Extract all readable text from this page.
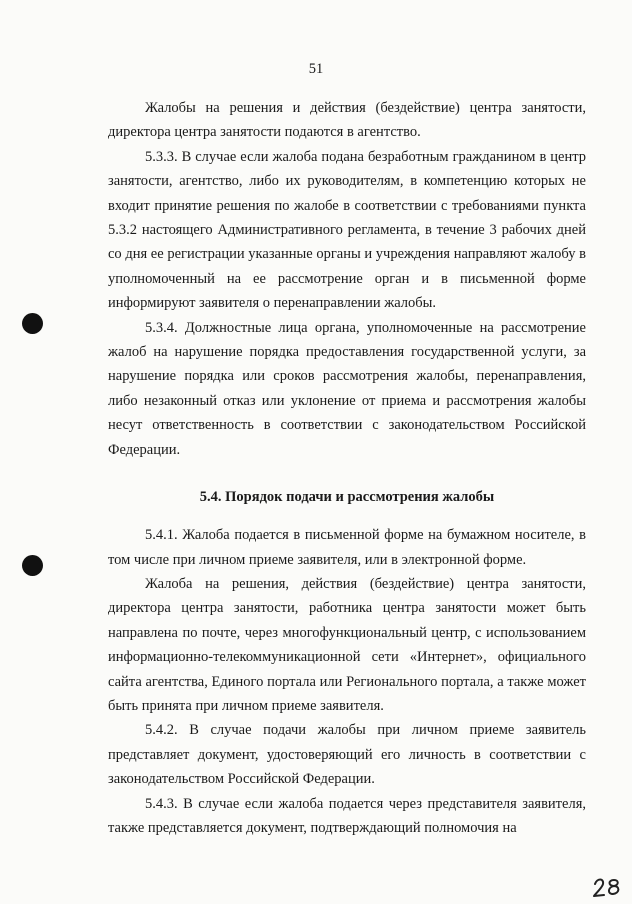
51

Жалобы на решения и действия (бездействие) центра занятости, директора центра занятости подаются в агентство.

5.3.3. В случае если жалоба подана безработным гражданином в центр занятости, агентство, либо их руководителям, в компетенцию которых не входит принятие решения по жалобе в соответствии с требованиями пункта 5.3.2 настоящего Административного регламента, в течение 3 рабочих дней со дня ее регистрации указанные органы и учреждения направляют жалобу в уполномоченный на ее рассмотрение орган и в письменной форме информируют заявителя о перенаправлении жалобы.

5.3.4. Должностные лица органа, уполномоченные на рассмотрение жалоб на нарушение порядка предоставления государственной услуги, за нарушение порядка или сроков рассмотрения жалобы, перенаправления, либо незаконный отказ или уклонение от приема и рассмотрения жалобы несут ответственность в соответствии с законодательством Российской Федерации.

5.4. Порядок подачи и рассмотрения жалобы

5.4.1. Жалоба подается в письменной форме на бумажном носителе, в том числе при личном приеме заявителя, или в электронной форме.

Жалоба на решения, действия (бездействие) центра занятости, директора центра занятости, работника центра занятости может быть направлена по почте, через многофункциональный центр, с использованием информационно-телекоммуникационной сети «Интернет», официального сайта агентства, Единого портала или Регионального портала, а также может быть принята при личном приеме заявителя.

5.4.2. В случае подачи жалобы при личном приеме заявитель представляет документ, удостоверяющий его личность в соответствии с законодательством Российской Федерации.

5.4.3. В случае если жалоба подается через представителя заявителя, также представляется документ, подтверждающий полномочия на
